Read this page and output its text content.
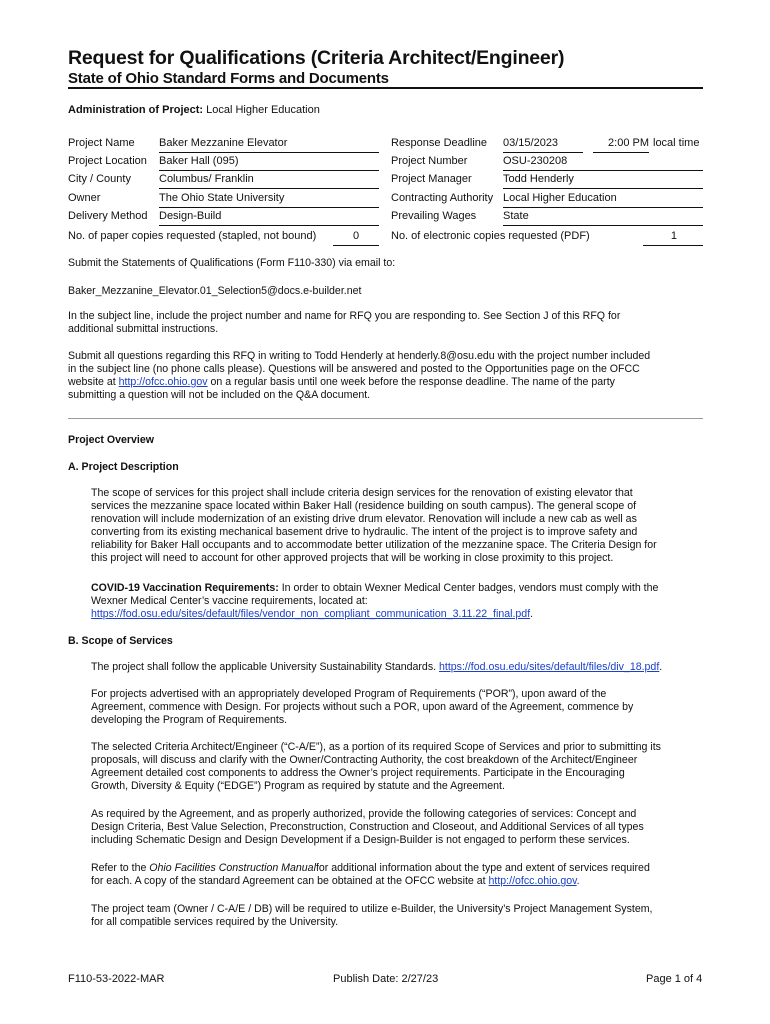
Request for Qualifications (Criteria Architect/Engineer)
State of Ohio Standard Forms and Documents
Administration of Project: Local Higher Education
Project Name Baker Mezzanine Elevator
Project Location Baker Hall (095)
City / County	Columbus/ Franklin
Owner	The Ohio State University
Delivery Method Design-Build
No. of paper copies requested (stapled, not bound)	0
Response Deadline 03/15/2023	2:00 PM local time
Project Number	OSU-230208
Project Manager	Todd Henderly
Contracting Authority Local Higher Education
Prevailing Wages State
No. of electronic copies requested (PDF)	1
Submit the Statements of Qualifications (Form F110-330) via email to:
Baker_Mezzanine_Elevator.01_Selection5@docs.e-builder.net
In the subject line, include the project number and name for RFQ you are responding to. See Section J of this RFQ for
additional submittal instructions.
Submit all questions regarding this RFQ in writing to Todd Henderly at henderly.8@osu.edu with the project number included
in the subject line (no phone calls please). Questions will be answered and posted to the Opportunities page on the OFCC
website at http://ofcc.ohio.gov on a regular basis until one week before the response deadline. The name of the party
submitting a question will not be included on the Q&A document.
Project Overview
A. Project Description
The scope of services for this project shall include criteria design services for the renovation of existing elevator that
services the mezzanine space located within Baker Hall (residence building on south campus). The general scope of
renovation will include modernization of an existing drive drum elevator. Renovation will include a new cab as well as
converting from its existing mechanical basement drive to hydraulic. The intent of the project is to improve safety and
reliability for Baker Hall occupants and to accommodate better utilization of the mezzanine space. The Criteria Design for
this project will need to account for other approved projects that will be working in close proximity to this project.
COVID-19 Vaccination Requirements: In order to obtain Wexner Medical Center badges, vendors must comply with the
Wexner Medical Center’s vaccine requirements, located at:
https://fod.osu.edu/sites/default/files/vendor_non_compliant_communication_3.11.22_final.pdf.
B. Scope of Services
The project shall follow the applicable University Sustainability Standards. https://fod.osu.edu/sites/default/files/div_18.pdf.
For projects advertised with an appropriately developed Program of Requirements (“POR”), upon award of the
Agreement, commence with Design. For projects without such a POR, upon award of the Agreement, commence by
developing the Program of Requirements.
The selected Criteria Architect/Engineer (“C-A/E”), as a portion of its required Scope of Services and prior to submitting its
proposals, will discuss and clarify with the Owner/Contracting Authority, the cost breakdown of the Architect/Engineer
Agreement detailed cost components to address the Owner’s project requirements. Participate in the Encouraging
Growth, Diversity & Equity (“EDGE”) Program as required by statute and the Agreement.
As required by the Agreement, and as properly authorized, provide the following categories of services: Concept and
Design Criteria, Best Value Selection, Preconstruction, Construction and Closeout, and Additional Services of all types
including Schematic Design and Design Development if a Design-Builder is not engaged to perform these services.
Refer to the Ohio Facilities Construction Manualfor additional information about the type and extent of services required
for each. A copy of the standard Agreement can be obtained at the OFCC website at http://ofcc.ohio.gov.
The project team (Owner / C-A/E / DB) will be required to utilize e-Builder, the University’s Project Management System,
for all compatible services required by the University.
F110-53-2022-MAR	Publish Date: 2/27/23	Page 1 of 4
